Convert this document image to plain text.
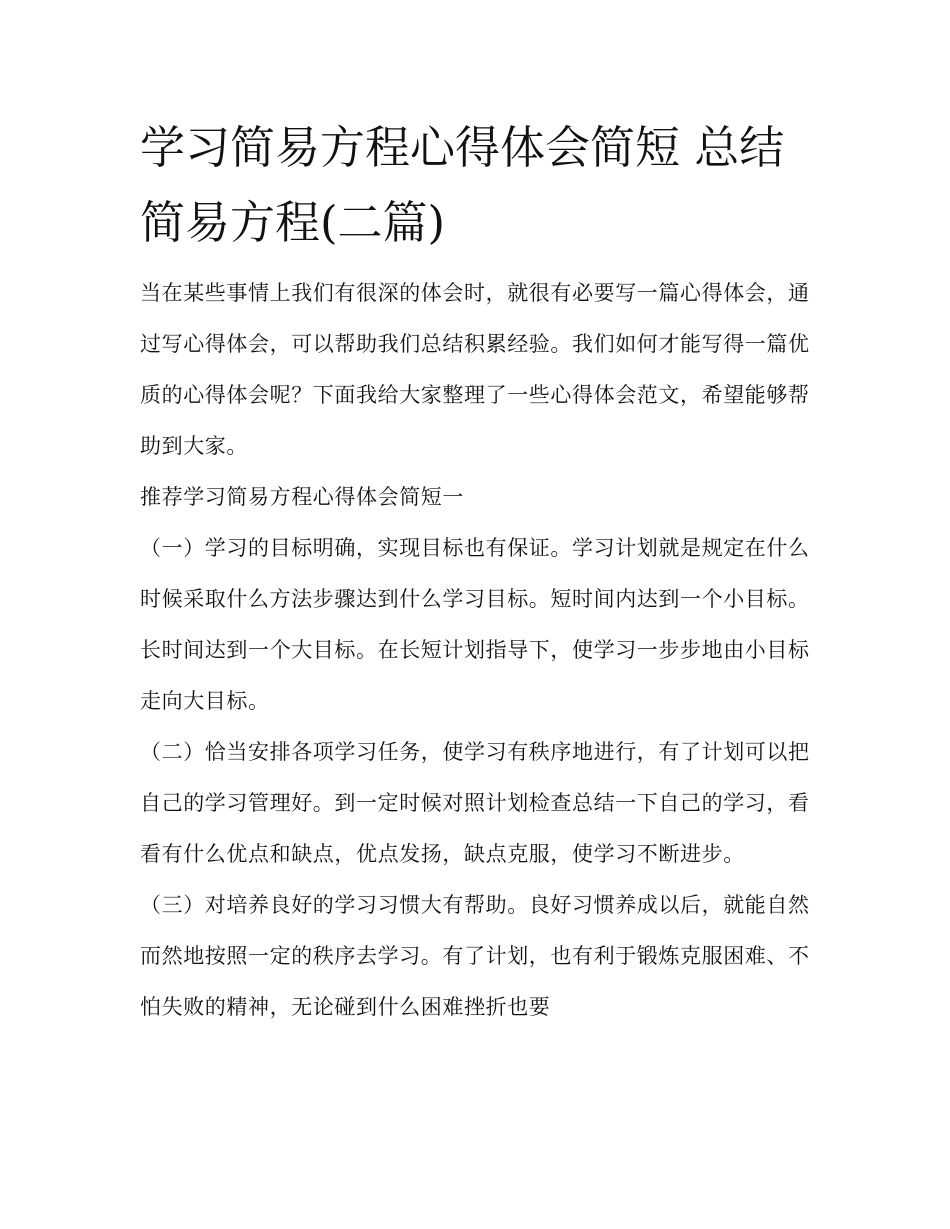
学习简易方程心得体会简短 总结简易方程(二篇)

当在某些事情上我们有很深的体会时，就很有必要写一篇心得体会，通过写心得体会，可以帮助我们总结积累经验。我们如何才能写得一篇优质的心得体会呢？下面我给大家整理了一些心得体会范文，希望能够帮助到大家。

推荐学习简易方程心得体会简短一

（一）学习的目标明确，实现目标也有保证。学习计划就是规定在什么时候采取什么方法步骤达到什么学习目标。短时间内达到一个小目标。长时间达到一个大目标。在长短计划指导下，使学习一步步地由小目标走向大目标。

（二）恰当安排各项学习任务，使学习有秩序地进行，有了计划可以把自己的学习管理好。到一定时候对照计划检查总结一下自己的学习，看看有什么优点和缺点，优点发扬，缺点克服，使学习不断进步。

（三）对培养良好的学习习惯大有帮助。良好习惯养成以后，就能自然而然地按照一定的秩序去学习。有了计划，也有利于锻炼克服困难、不怕失败的精神，无论碰到什么困难挫折也要
